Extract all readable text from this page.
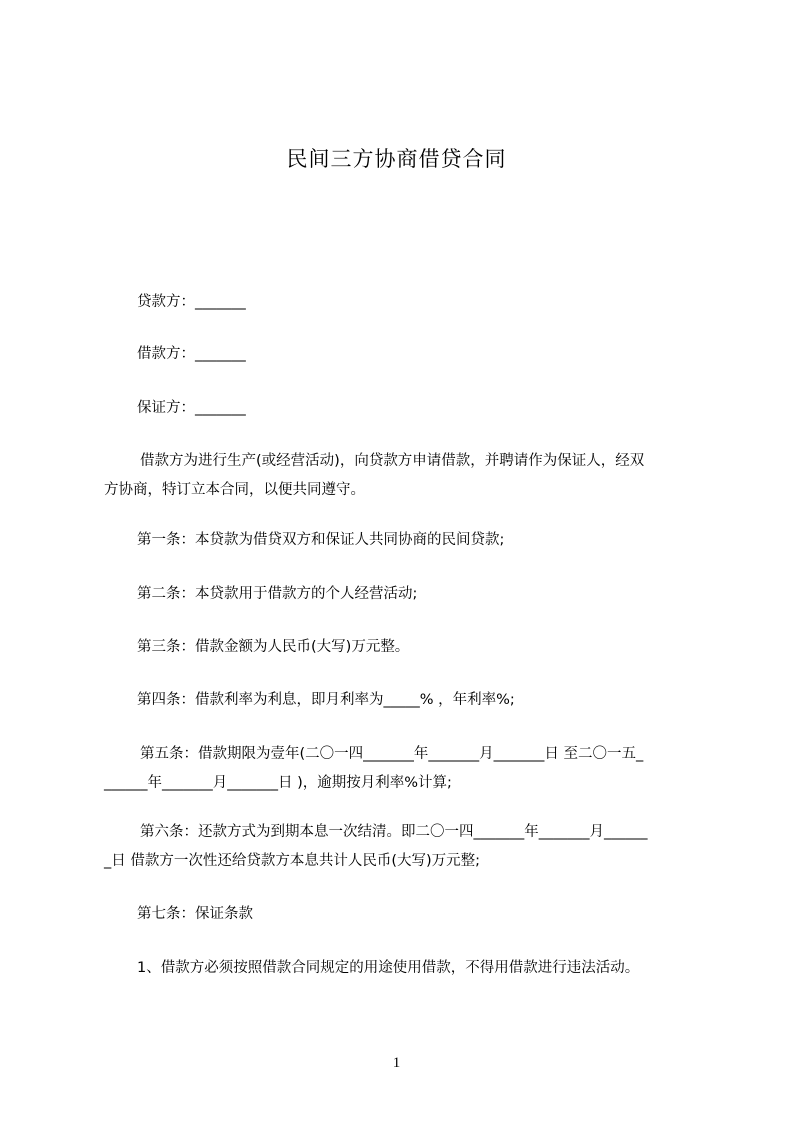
民间三方协商借贷合同
贷款方：_______
借款方：_______
保证方：_______
借款方为进行生产(或经营活动)，向贷款方申请借款，并聘请作为保证人，经双
方协商，特订立本合同，以便共同遵守。
第一条：本贷款为借贷双方和保证人共同协商的民间贷款;
第二条：本贷款用于借款方的个人经营活动;
第三条：借款金额为人民币(大写)万元整。
第四条：借款利率为利息，即月利率为_____% ，年利率%;
第五条：借款期限为壹年(二〇一四_______年_______月_______日 至二〇一五_
______年_______月_______日 )，逾期按月利率%计算;
第六条：还款方式为到期本息一次结清。即二〇一四_______年_______月______
_日 借款方一次性还给贷款方本息共计人民币(大写)万元整;
第七条：保证条款
1、借款方必须按照借款合同规定的用途使用借款，不得用借款进行违法活动。
1
